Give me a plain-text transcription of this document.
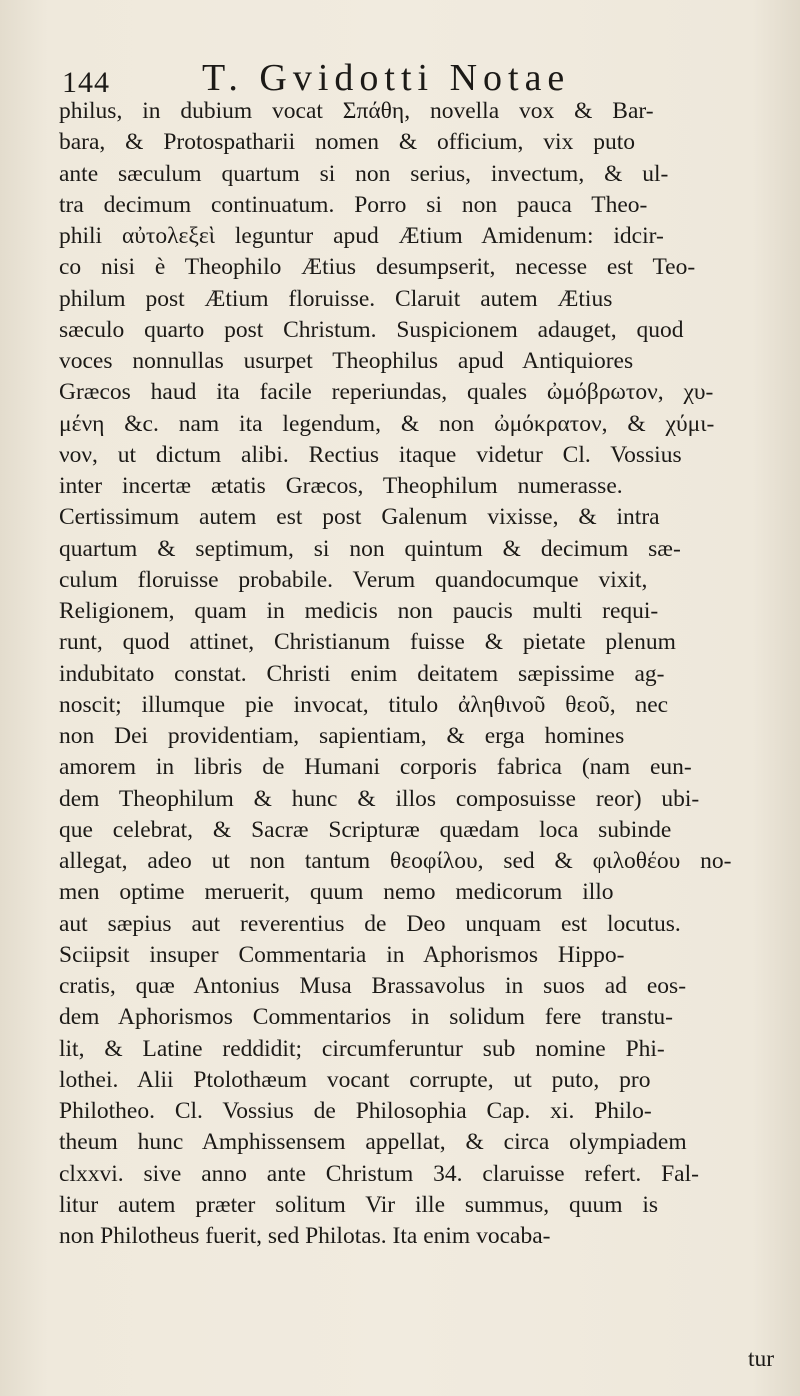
144 T. Gvidotti Notae
philus, in dubium vocat Σπάθη, novella vox & Bar-
bara, & Protospatharii nomen & officium, vix puto
ante sæculum quartum si non serius, invectum, & ul-
tra decimum continuatum. Porro si non pauca Theo-
phili αὐτολεξεὶ leguntur apud Ætium Amidenum: idcir-
co nisi è Theophilo Ætius desumpserit, necesse est Teo-
philum post Ætium floruisse. Claruit autem Ætius
sæculo quarto post Christum. Suspicionem adauget, quod
voces nonnullas usurpet Theophilus apud Antiquiores
Græcos haud ita facile reperiundas, quales ὠμόβρωτον, χυ-
μένη &c. nam ita legendum, & non ὠμόκρατον, & χύμι-
νον, ut dictum alibi. Rectius itaque videtur Cl. Vossius
inter incertæ ætatis Græcos, Theophilum numerasse.
Certissimum autem est post Galenum vixisse, & intra
quartum & septimum, si non quintum & decimum sæ-
culum floruisse probabile. Verum quandocumque vixit,
Religionem, quam in medicis non paucis multi requi-
runt, quod attinet, Christianum fuisse & pietate plenum
indubitato constat. Christi enim deitatem sæpissime ag-
noscit; illumque pie invocat, titulo ἀληθινοῦ θεοῦ, nec
non Dei providentiam, sapientiam, & erga homines
amorem in libris de Humani corporis fabrica (nam eun-
dem Theophilum & hunc & illos composuisse reor) ubi-
que celebrat, & Sacræ Scripturæ quædam loca subinde
allegat, adeo ut non tantum θεοφίλου, sed & φιλοθέου no-
men optime meruerit, quum nemo medicorum illo
aut sæpius aut reverentius de Deo unquam est locutus.
Sciipsit insuper Commentaria in Aphorismos Hippo-
cratis, quæ Antonius Musa Brassavolus in suos ad eos-
dem Aphorismos Commentarios in solidum fere transtu-
lit, & Latine reddidit; circumferuntur sub nomine Phi-
lothei. Alii Ptolothæum vocant corrupte, ut puto, pro
Philotheo. Cl. Vossius de Philosophia Cap. xi. Philo-
theum hunc Amphissensem appellat, & circa olympiadem
clxxvi. sive anno ante Christum 34. claruisse refert. Fal-
litur autem præter solitum Vir ille summus, quum is
non Philotheus fuerit, sed Philotas. Ita enim vocaba-
tur
